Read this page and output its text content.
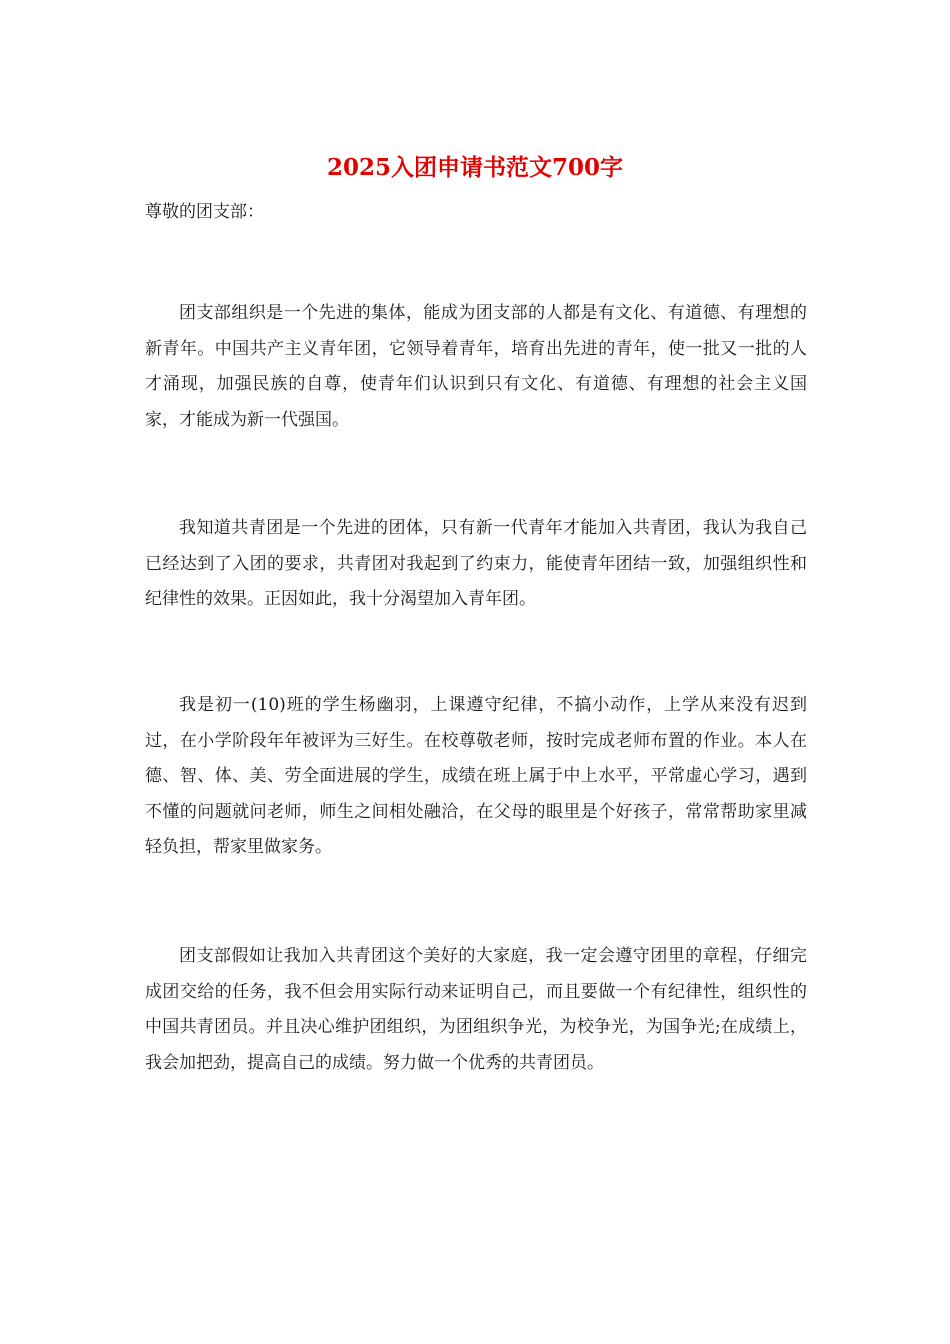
2025入团申请书范文700字
尊敬的团支部：

团支部组织是一个先进的集体，能成为团支部的人都是有文化、有道德、有理想的新青年。中国共产主义青年团，它领导着青年，培育出先进的青年，使一批又一批的人才涌现，加强民族的自尊，使青年们认识到只有文化、有道德、有理想的社会主义国家，才能成为新一代强国。

我知道共青团是一个先进的团体，只有新一代青年才能加入共青团，我认为我自己已经达到了入团的要求，共青团对我起到了约束力，能使青年团结一致，加强组织性和纪律性的效果。正因如此，我十分渴望加入青年团。

我是初一(10)班的学生杨幽羽，上课遵守纪律，不搞小动作，上学从来没有迟到过，在小学阶段年年被评为三好生。在校尊敬老师，按时完成老师布置的作业。本人在德、智、体、美、劳全面进展的学生，成绩在班上属于中上水平，平常虚心学习，遇到不懂的问题就问老师，师生之间相处融洽，在父母的眼里是个好孩子，常常帮助家里减轻负担，帮家里做家务。

团支部假如让我加入共青团这个美好的大家庭，我一定会遵守团里的章程，仔细完成团交给的任务，我不但会用实际行动来证明自己，而且要做一个有纪律性，组织性的中国共青团员。并且决心维护团组织，为团组织争光，为校争光，为国争光;在成绩上，我会加把劲，提高自己的成绩。努力做一个优秀的共青团员。
